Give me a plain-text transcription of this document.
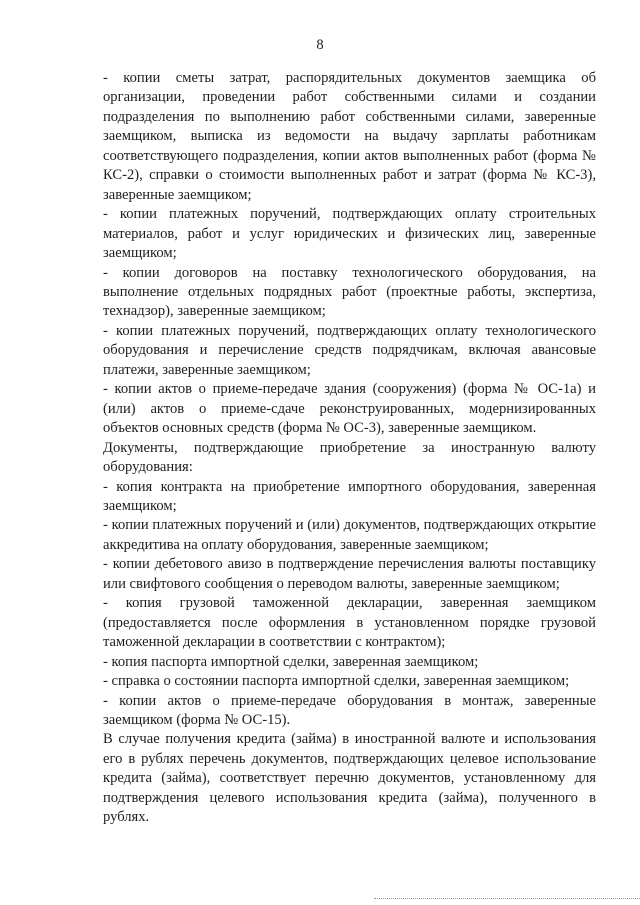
8

- копии сметы затрат, распорядительных документов заемщика об организации, проведении работ собственными силами и создании подразделения по выполнению работ собственными силами, заверенные заемщиком, выписка из ведомости на выдачу зарплаты работникам соответствующего подразделения, копии актов выполненных работ (форма № КС-2), справки о стоимости выполненных работ и затрат (форма № КС-3), заверенные заемщиком;

- копии платежных поручений, подтверждающих оплату строительных материалов, работ и услуг юридических и физических лиц, заверенные заемщиком;

- копии договоров на поставку технологического оборудования, на выполнение отдельных подрядных работ (проектные работы, экспертиза, технадзор), заверенные заемщиком;

- копии платежных поручений, подтверждающих оплату технологического оборудования и перечисление средств подрядчикам, включая авансовые платежи, заверенные заемщиком;

- копии актов о приеме-передаче здания (сооружения) (форма № ОС-1а) и (или) актов о приеме-сдаче реконструированных, модернизированных объектов основных средств (форма № ОС-3), заверенные заемщиком.

Документы, подтверждающие приобретение за иностранную валюту оборудования:

- копия контракта на приобретение импортного оборудования, заверенная заемщиком;

- копии платежных поручений и (или) документов, подтверждающих открытие аккредитива на оплату оборудования, заверенные заемщиком;

- копии дебетового авизо в подтверждение перечисления валюты поставщику или свифтового сообщения о переводом валюты, заверенные заемщиком;

- копия грузовой таможенной декларации, заверенная заемщиком (предоставляется после оформления в установленном порядке грузовой таможенной декларации в соответствии с контрактом);

- копия паспорта импортной сделки, заверенная заемщиком;

- справка о состоянии паспорта импортной сделки, заверенная заемщиком;

- копии актов о приеме-передаче оборудования в монтаж, заверенные заемщиком (форма № ОС-15).

В случае получения кредита (займа) в иностранной валюте и использования его в рублях перечень документов, подтверждающих целевое использование кредита (займа), соответствует перечню документов, установленному для подтверждения целевого использования кредита (займа), полученного в рублях.
